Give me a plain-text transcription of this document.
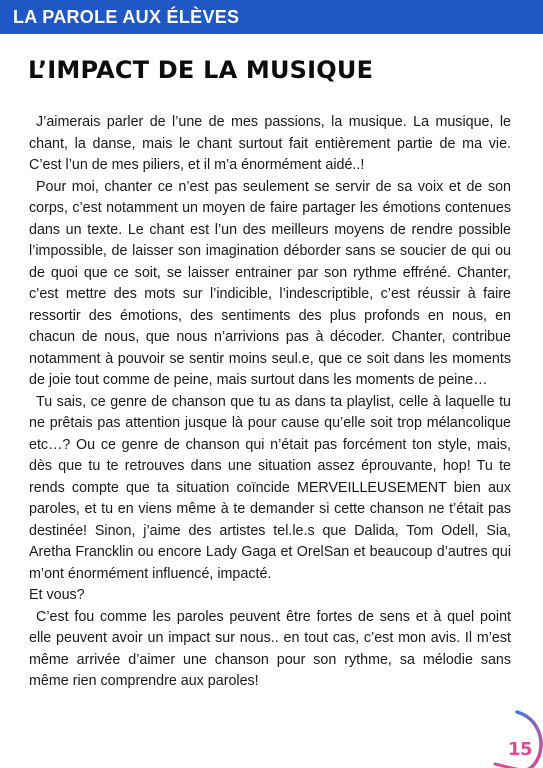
LA PAROLE AUX ÉLÈVES
L’IMPACT DE LA MUSIQUE

J’aimerais parler de l’une de mes passions, la musique. La musique, le chant, la danse, mais le chant surtout fait entièrement partie de ma vie. C’est l’un de mes piliers, et il m’a énormément aidé..!

Pour moi, chanter ce n’est pas seulement se servir de sa voix et de son corps, c’est notamment un moyen de faire partager les émotions contenues dans un texte. Le chant est l’un des meilleurs moyens de rendre possible l’impossible, de laisser son imagination déborder sans se soucier de qui ou de quoi que ce soit, se laisser entrainer par son rythme effréné. Chanter, c’est mettre des mots sur l’indicible, l’indescriptible, c’est réussir à faire ressortir des émotions, des sentiments des plus profonds en nous, en chacun de nous, que nous n’arrivions pas à décoder. Chanter, contribue notamment à pouvoir se sentir moins seul.e, que ce soit dans les moments de joie tout comme de peine, mais surtout dans les moments de peine…

Tu sais, ce genre de chanson que tu as dans ta playlist, celle à laquelle tu ne prêtais pas attention jusque là pour cause qu’elle soit trop mélancolique etc…? Ou ce genre de chanson qui n’était pas forcément ton style, mais, dès que tu te retrouves dans une situation assez éprouvante, hop! Tu te rends compte que ta situation coïncide MERVEILLEUSEMENT bien aux paroles, et tu en viens même à te demander si cette chanson ne t’était pas destinée! Sinon, j’aime des artistes tel.le.s que Dalida, Tom Odell, Sia, Aretha Francklin ou encore Lady Gaga et OrelSan et beaucoup d’autres qui m’ont énormément influencé, impacté.

Et vous?

C’est fou comme les paroles peuvent être fortes de sens et à quel point elle peuvent avoir un impact sur nous.. en tout cas, c’est mon avis. Il m’est même arrivée d’aimer une chanson pour son rythme, sa mélodie sans même rien comprendre aux paroles!

15
